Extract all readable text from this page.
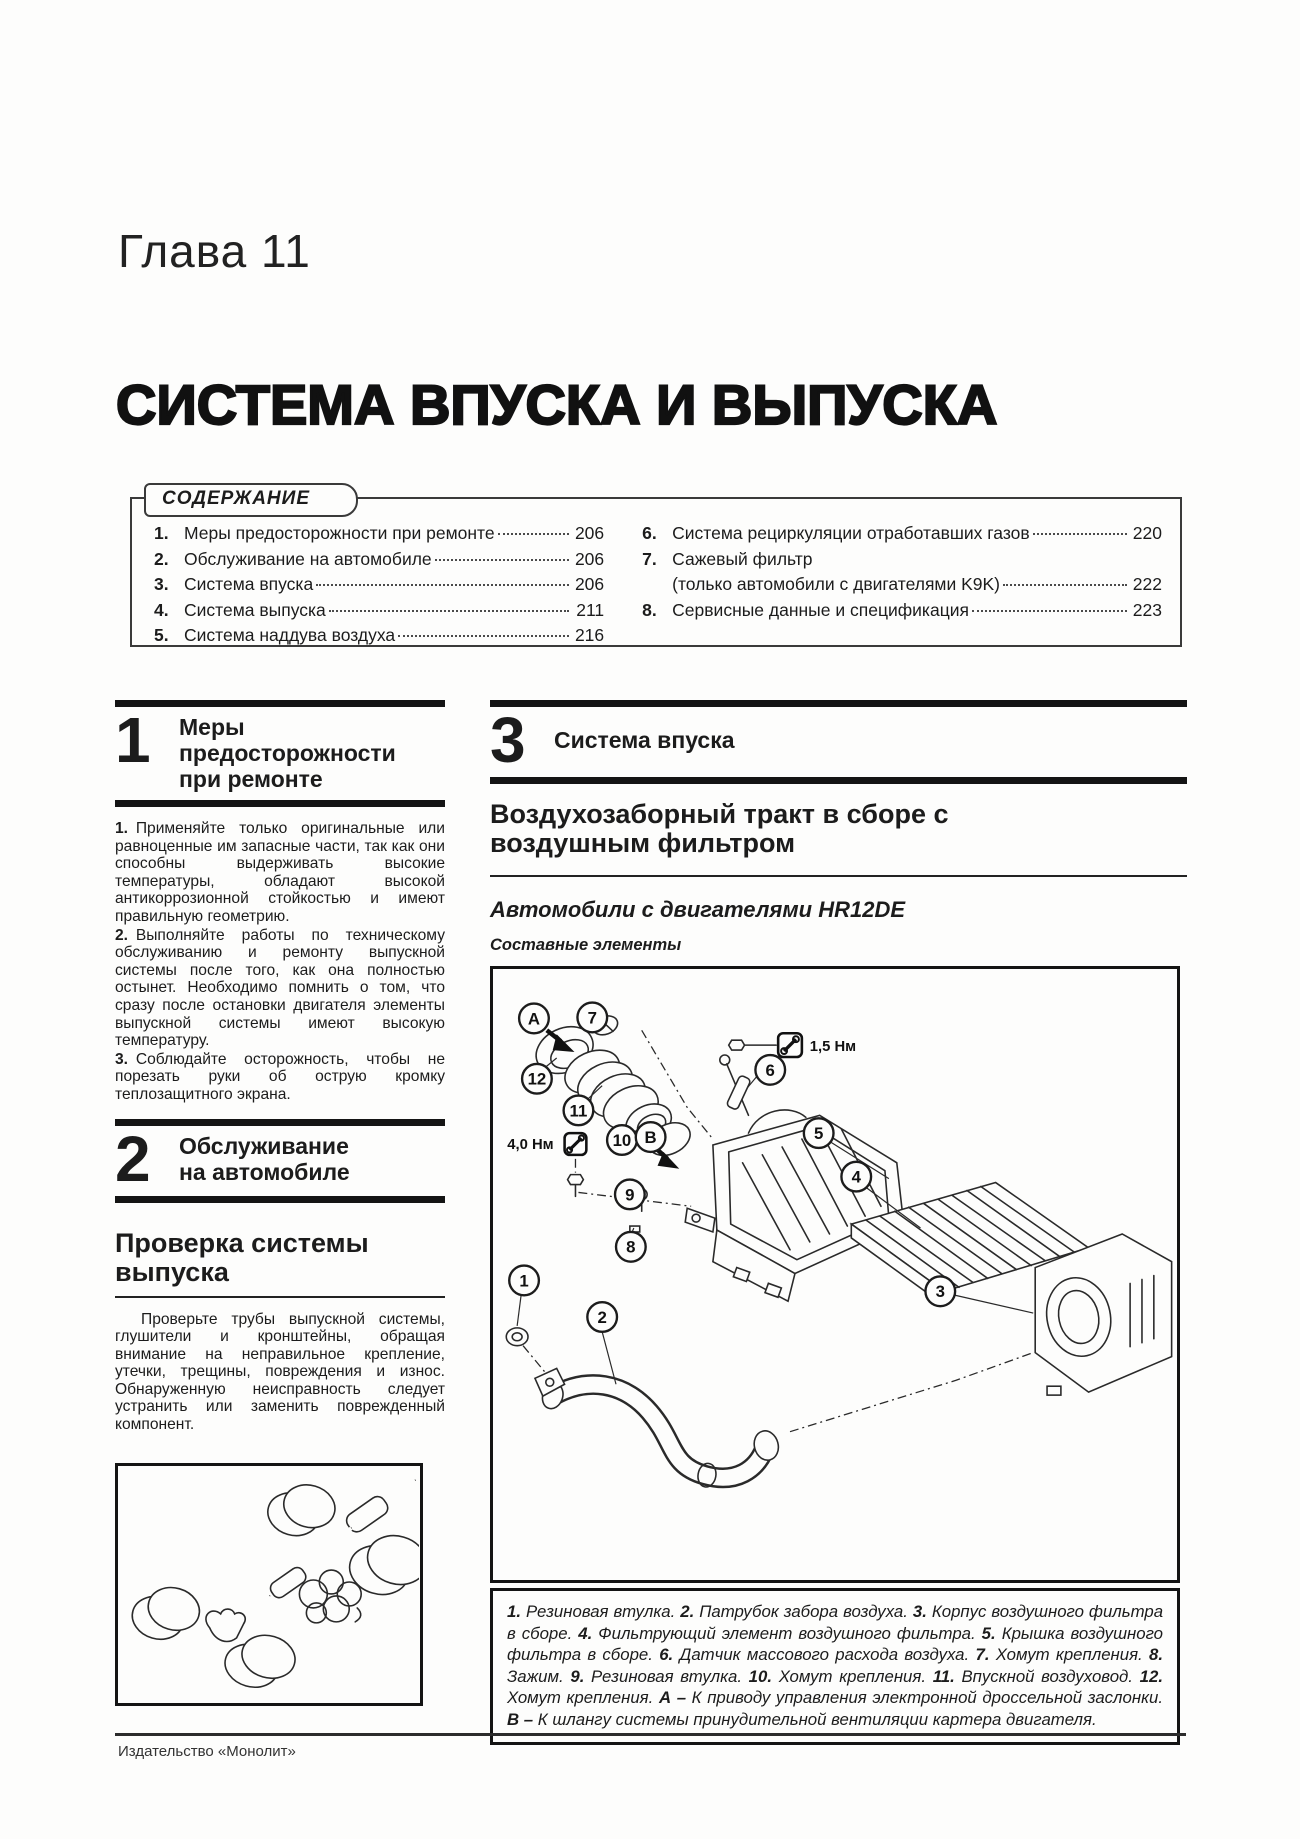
Глава 11
СИСТЕМА ВПУСКА И ВЫПУСКА
СОДЕРЖАНИЕ
1. Меры предосторожности при ремонте	206
2. Обслуживание на автомобиле	206
3. Система впуска	206
4. Система выпуска	211
5. Система наддува воздуха	216
6. Система рециркуляции отработавших газов	220
7. Сажевый фильтр
(только автомобили с двигателями K9K)	222
8. Сервисные данные и спецификация	223
1	Меры предосторожности при ремонте

1.  Применяйте только оригинальные или равноценные им запасные части, так как они способны выдерживать высокие температуры, обладают высокой антикоррозионной стойкостью и имеют правильную геометрию.

2.  Выполняйте работы по техническому обслуживанию и ремонту выпускной системы после того, как она полностью остынет. Необходимо помнить о том, что сразу после остановки двигателя элементы выпускной системы имеют высокую температуру.

3.  Соблюдайте осторожность, чтобы не порезать руки об острую кромку теплозащитного экрана.

2	Обслуживание на автомобиле
Проверка системы выпуска

Проверьте трубы выпускной системы, глушители и кронштейны, обращая внимание на неправильное крепление, утечки, трещины, повреждения и износ. Обнаруженную неисправность следует устранить или заменить поврежденный компонент.

3	Система впуска
Воздухозаборный тракт в сборе с воздушным фильтром
Автомобили с двигателями HR12DE
Составные элементы
1,5 Нм
4,0 Нм
А	7
12
11
10 В
6
5
4
9
8
1
2
3
1. Резиновая втулка. 2. Патрубок забора воздуха. 3. Корпус воздушного фильтра в сборе. 4. Фильтрующий элемент воздушного фильтра. 5. Крышка воздушного фильтра в сборе. 6. Датчик массового расхода воздуха. 7. Хомут крепления. 8. Зажим. 9. Резиновая втулка. 10. Хомут крепления. 11. Впускной воздуховод. 12. Хомут крепления. А – К приводу управления электронной дроссельной заслонки. В – К шлангу системы принудительной вентиляции картера двигателя.
Издательство «Монолит»
